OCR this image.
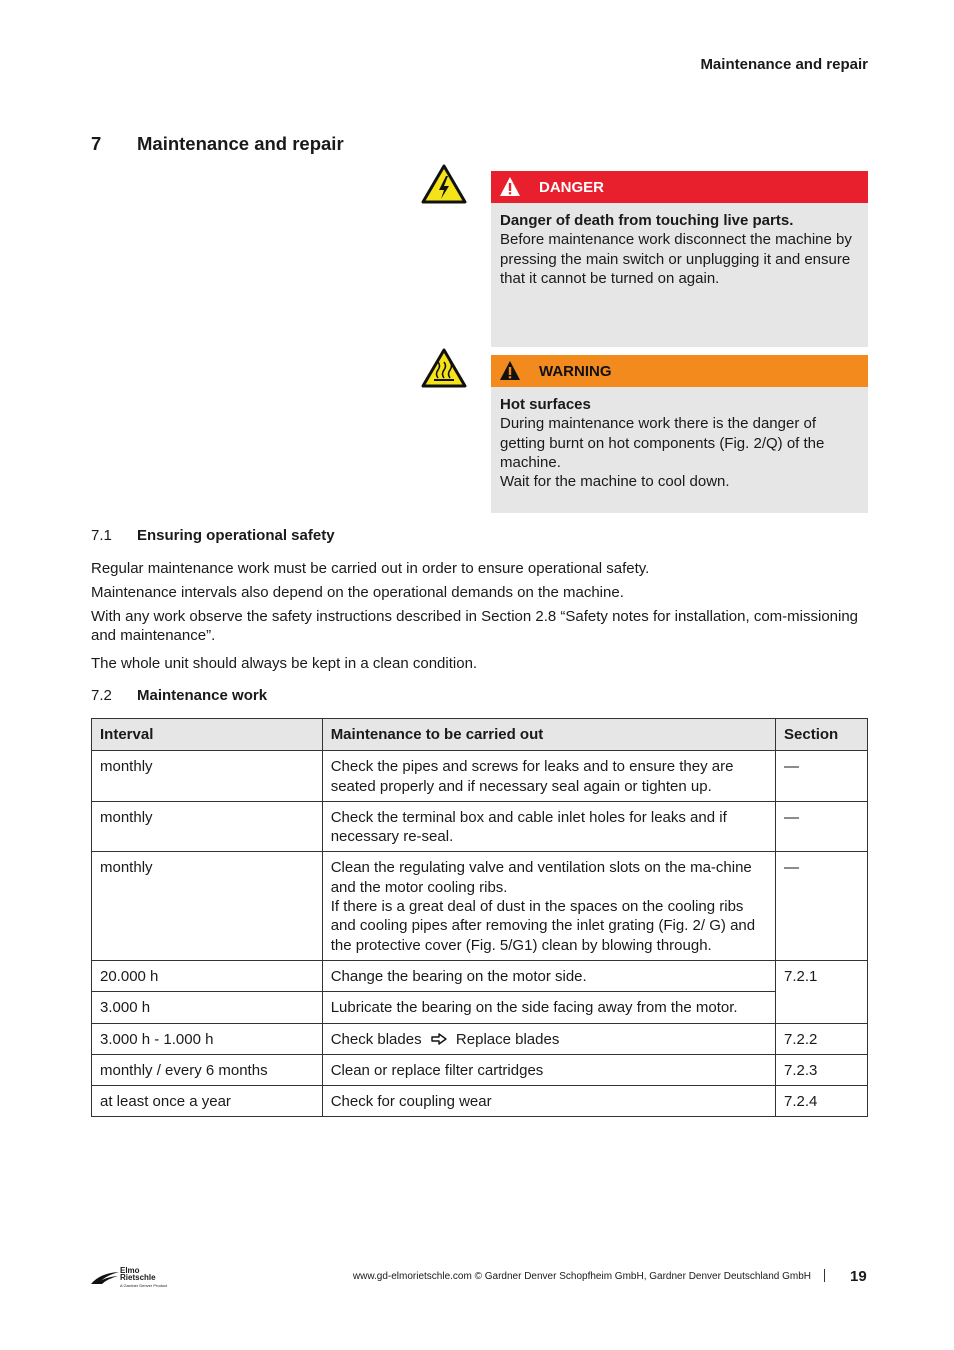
Maintenance and repair
7 Maintenance and repair
DANGER
Danger of death from touching live parts.
Before maintenance work disconnect the machine by pressing the main switch or unplugging it and ensure that it cannot be turned on again.
WARNING
Hot surfaces
During maintenance work there is the danger of getting burnt on hot components (Fig. 2/Q) of the machine.
Wait for the machine to cool down.
7.1 Ensuring operational safety
Regular maintenance work must be carried out in order to ensure operational safety.
Maintenance intervals also depend on the operational demands on the machine.
With any work observe the safety instructions described in Section 2.8 “Safety notes for installation, com-missioning and maintenance”.
The whole unit should always be kept in a clean condition.
7.2 Maintenance work
Interval	Maintenance to be carried out	Section
monthly	Check the pipes and screws for leaks and to ensure they are seated properly and if necessary seal again or tighten up.	—
monthly	Check the terminal box and cable inlet holes for leaks and if necessary re-seal.	—
monthly	Clean the regulating valve and ventilation slots on the ma-chine and the motor cooling ribs.
If there is a great deal of dust in the spaces on the cooling ribs and cooling pipes after removing the inlet grating (Fig. 2/ G) and the protective cover (Fig. 5/G1) clean by blowing through.	—
20.000 h	Change the bearing on the motor side.	7.2.1
3.000 h	Lubricate the bearing on the side facing away from the motor.	
3.000 h - 1.000 h	Check blades Replace blades	7.2.2
monthly / every 6 months	Clean or replace filter cartridges	7.2.3
at least once a year	Check for coupling wear	7.2.4
Elmo
Rietschle
A Gardner Denver Product
www.gd-elmorietschle.com © Gardner Denver Schopfheim GmbH, Gardner Denver Deutschland GmbH	19
